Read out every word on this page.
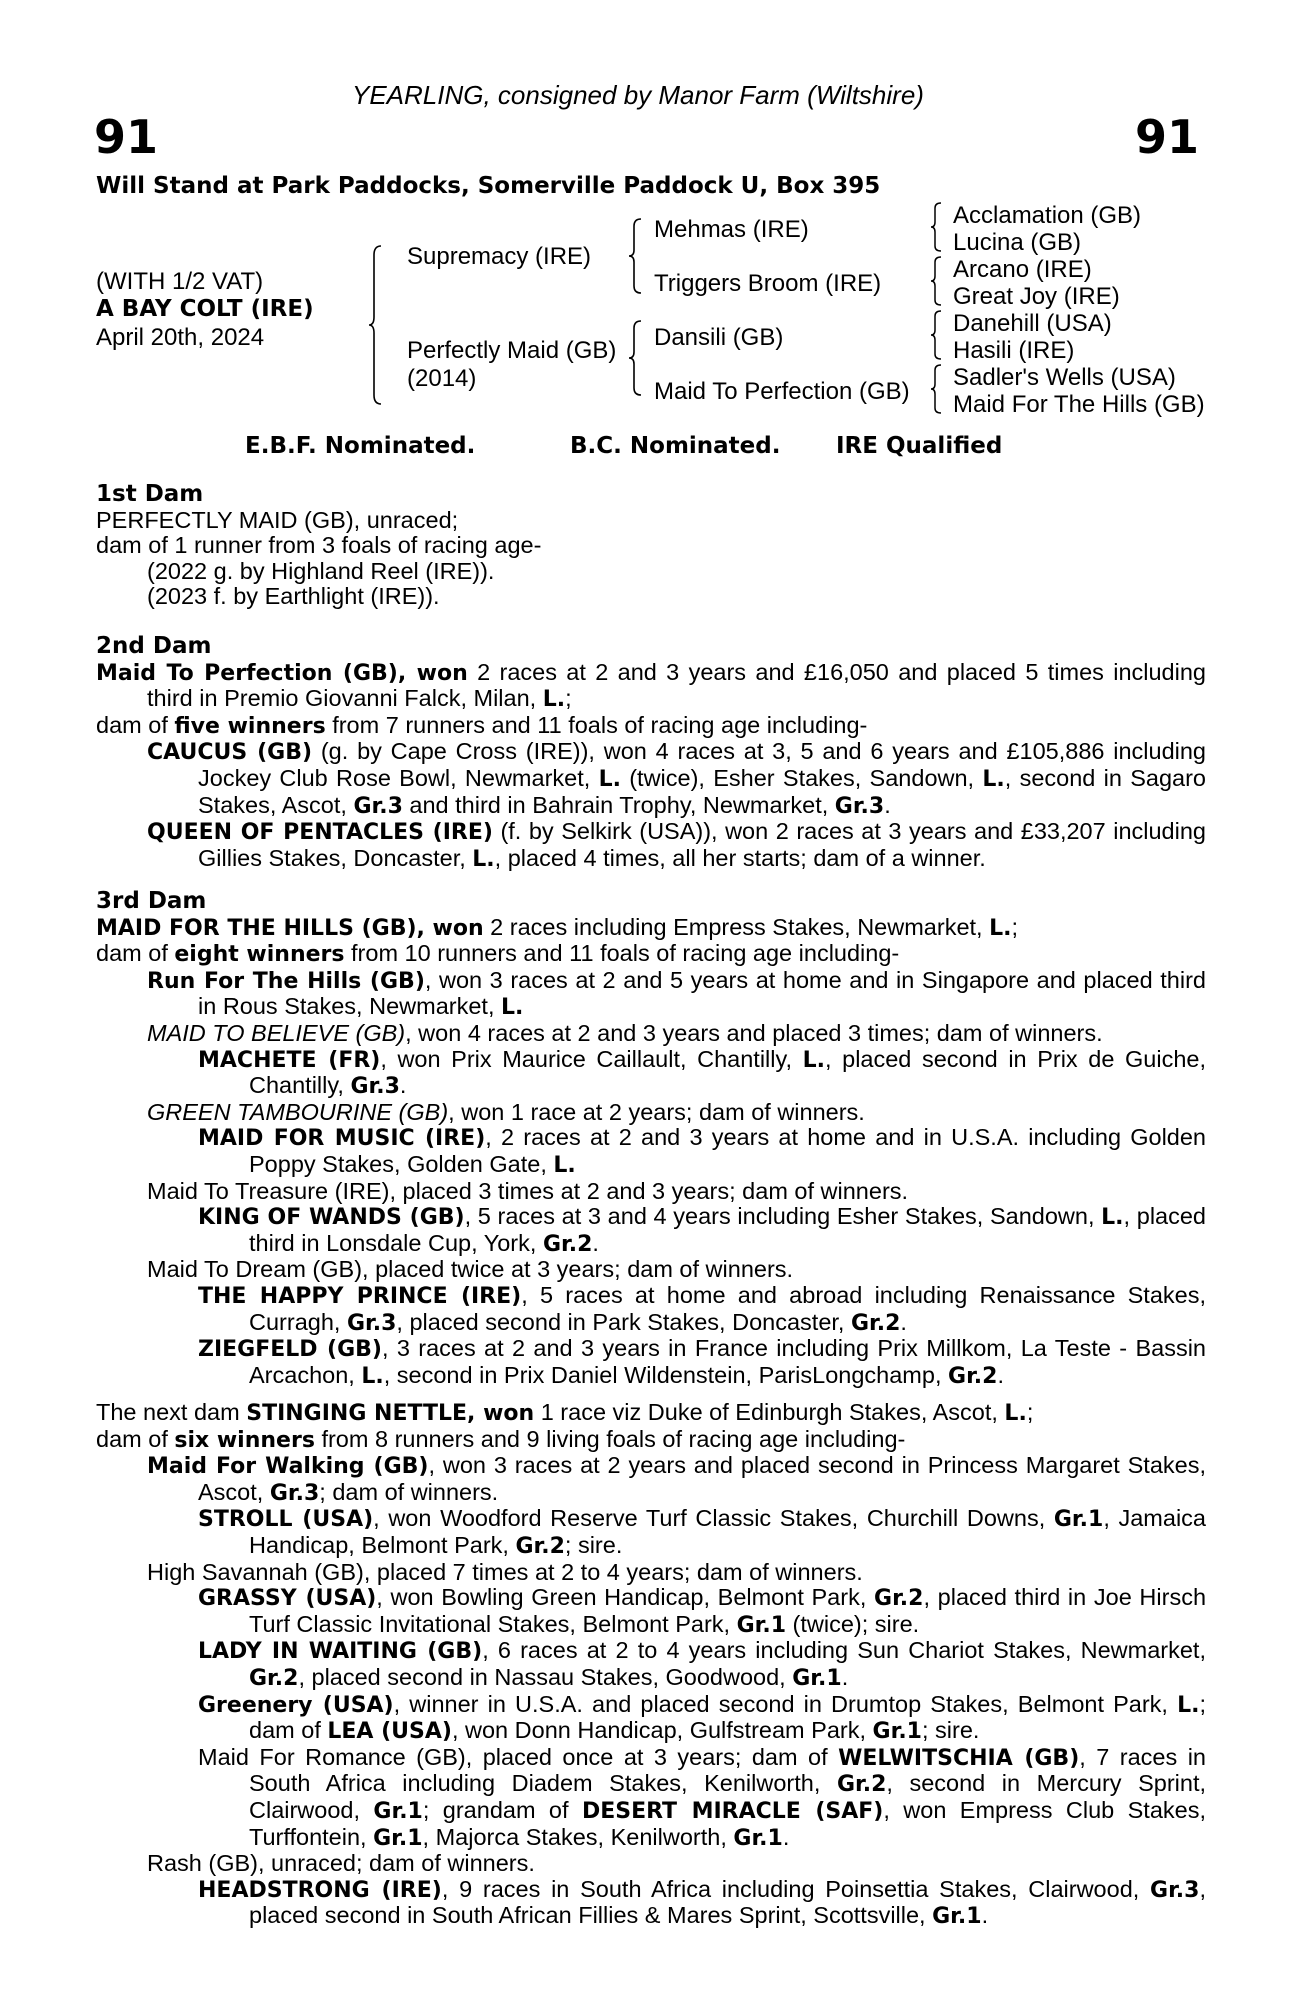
YEARLING, consigned by Manor Farm (Wiltshire)
91	91
Will Stand at Park Paddocks, Somerville Paddock U, Box 395
(WITH 1/2 VAT)
A BAY COLT (IRE)
April 20th, 2024
Supremacy (IRE)
Perfectly Maid (GB)
(2014)
Mehmas (IRE)
Triggers Broom (IRE)
Dansili (GB)
Maid To Perfection (GB)
Acclamation (GB)
Lucina (GB)
Arcano (IRE)
Great Joy (IRE)
Danehill (USA)
Hasili (IRE)
Sadler's Wells (USA)
Maid For The Hills (GB)
E.B.F. Nominated.	B.C. Nominated. IRE Qualified
1st Dam
PERFECTLY MAID (GB), unraced;
dam of 1 runner from 3 foals of racing age-
(2022 g. by Highland Reel (IRE)).
(2023 f. by Earthlight (IRE)).
2nd Dam
Maid To Perfection (GB), won 2 races at 2 and 3 years and £16,050 and placed 5 times including third in Premio Giovanni Falck, Milan, L.;
dam of five winners from 7 runners and 11 foals of racing age including-
CAUCUS (GB) (g. by Cape Cross (IRE)), won 4 races at 3, 5 and 6 years and £105,886 including Jockey Club Rose Bowl, Newmarket, L. (twice), Esher Stakes, Sandown, L., second in Sagaro Stakes, Ascot, Gr.3 and third in Bahrain Trophy, Newmarket, Gr.3.
QUEEN OF PENTACLES (IRE) (f. by Selkirk (USA)), won 2 races at 3 years and £33,207 including Gillies Stakes, Doncaster, L., placed 4 times, all her starts; dam of a winner.
3rd Dam
MAID FOR THE HILLS (GB), won 2 races including Empress Stakes, Newmarket, L.;
dam of eight winners from 10 runners and 11 foals of racing age including-
Run For The Hills (GB), won 3 races at 2 and 5 years at home and in Singapore and placed third in Rous Stakes, Newmarket, L.
MAID TO BELIEVE (GB), won 4 races at 2 and 3 years and placed 3 times; dam of winners.
MACHETE (FR), won Prix Maurice Caillault, Chantilly, L., placed second in Prix de Guiche, Chantilly, Gr.3.
GREEN TAMBOURINE (GB), won 1 race at 2 years; dam of winners.
MAID FOR MUSIC (IRE), 2 races at 2 and 3 years at home and in U.S.A. including Golden Poppy Stakes, Golden Gate, L.
Maid To Treasure (IRE), placed 3 times at 2 and 3 years; dam of winners.
KING OF WANDS (GB), 5 races at 3 and 4 years including Esher Stakes, Sandown, L., placed third in Lonsdale Cup, York, Gr.2.
Maid To Dream (GB), placed twice at 3 years; dam of winners.
THE HAPPY PRINCE (IRE), 5 races at home and abroad including Renaissance Stakes, Curragh, Gr.3, placed second in Park Stakes, Doncaster, Gr.2.
ZIEGFELD (GB), 3 races at 2 and 3 years in France including Prix Millkom, La Teste - Bassin Arcachon, L., second in Prix Daniel Wildenstein, ParisLongchamp, Gr.2.
The next dam STINGING NETTLE, won 1 race viz Duke of Edinburgh Stakes, Ascot, L.;
dam of six winners from 8 runners and 9 living foals of racing age including-
Maid For Walking (GB), won 3 races at 2 years and placed second in Princess Margaret Stakes, Ascot, Gr.3; dam of winners.
STROLL (USA), won Woodford Reserve Turf Classic Stakes, Churchill Downs, Gr.1, Jamaica Handicap, Belmont Park, Gr.2; sire.
High Savannah (GB), placed 7 times at 2 to 4 years; dam of winners.
GRASSY (USA), won Bowling Green Handicap, Belmont Park, Gr.2, placed third in Joe Hirsch Turf Classic Invitational Stakes, Belmont Park, Gr.1 (twice); sire.
LADY IN WAITING (GB), 6 races at 2 to 4 years including Sun Chariot Stakes, Newmarket, Gr.2, placed second in Nassau Stakes, Goodwood, Gr.1.
Greenery (USA), winner in U.S.A. and placed second in Drumtop Stakes, Belmont Park, L.; dam of LEA (USA), won Donn Handicap, Gulfstream Park, Gr.1; sire.
Maid For Romance (GB), placed once at 3 years; dam of WELWITSCHIA (GB), 7 races in South Africa including Diadem Stakes, Kenilworth, Gr.2, second in Mercury Sprint, Clairwood, Gr.1; grandam of DESERT MIRACLE (SAF), won Empress Club Stakes, Turffontein, Gr.1, Majorca Stakes, Kenilworth, Gr.1.
Rash (GB), unraced; dam of winners.
HEADSTRONG (IRE), 9 races in South Africa including Poinsettia Stakes, Clairwood, Gr.3, placed second in South African Fillies & Mares Sprint, Scottsville, Gr.1.
